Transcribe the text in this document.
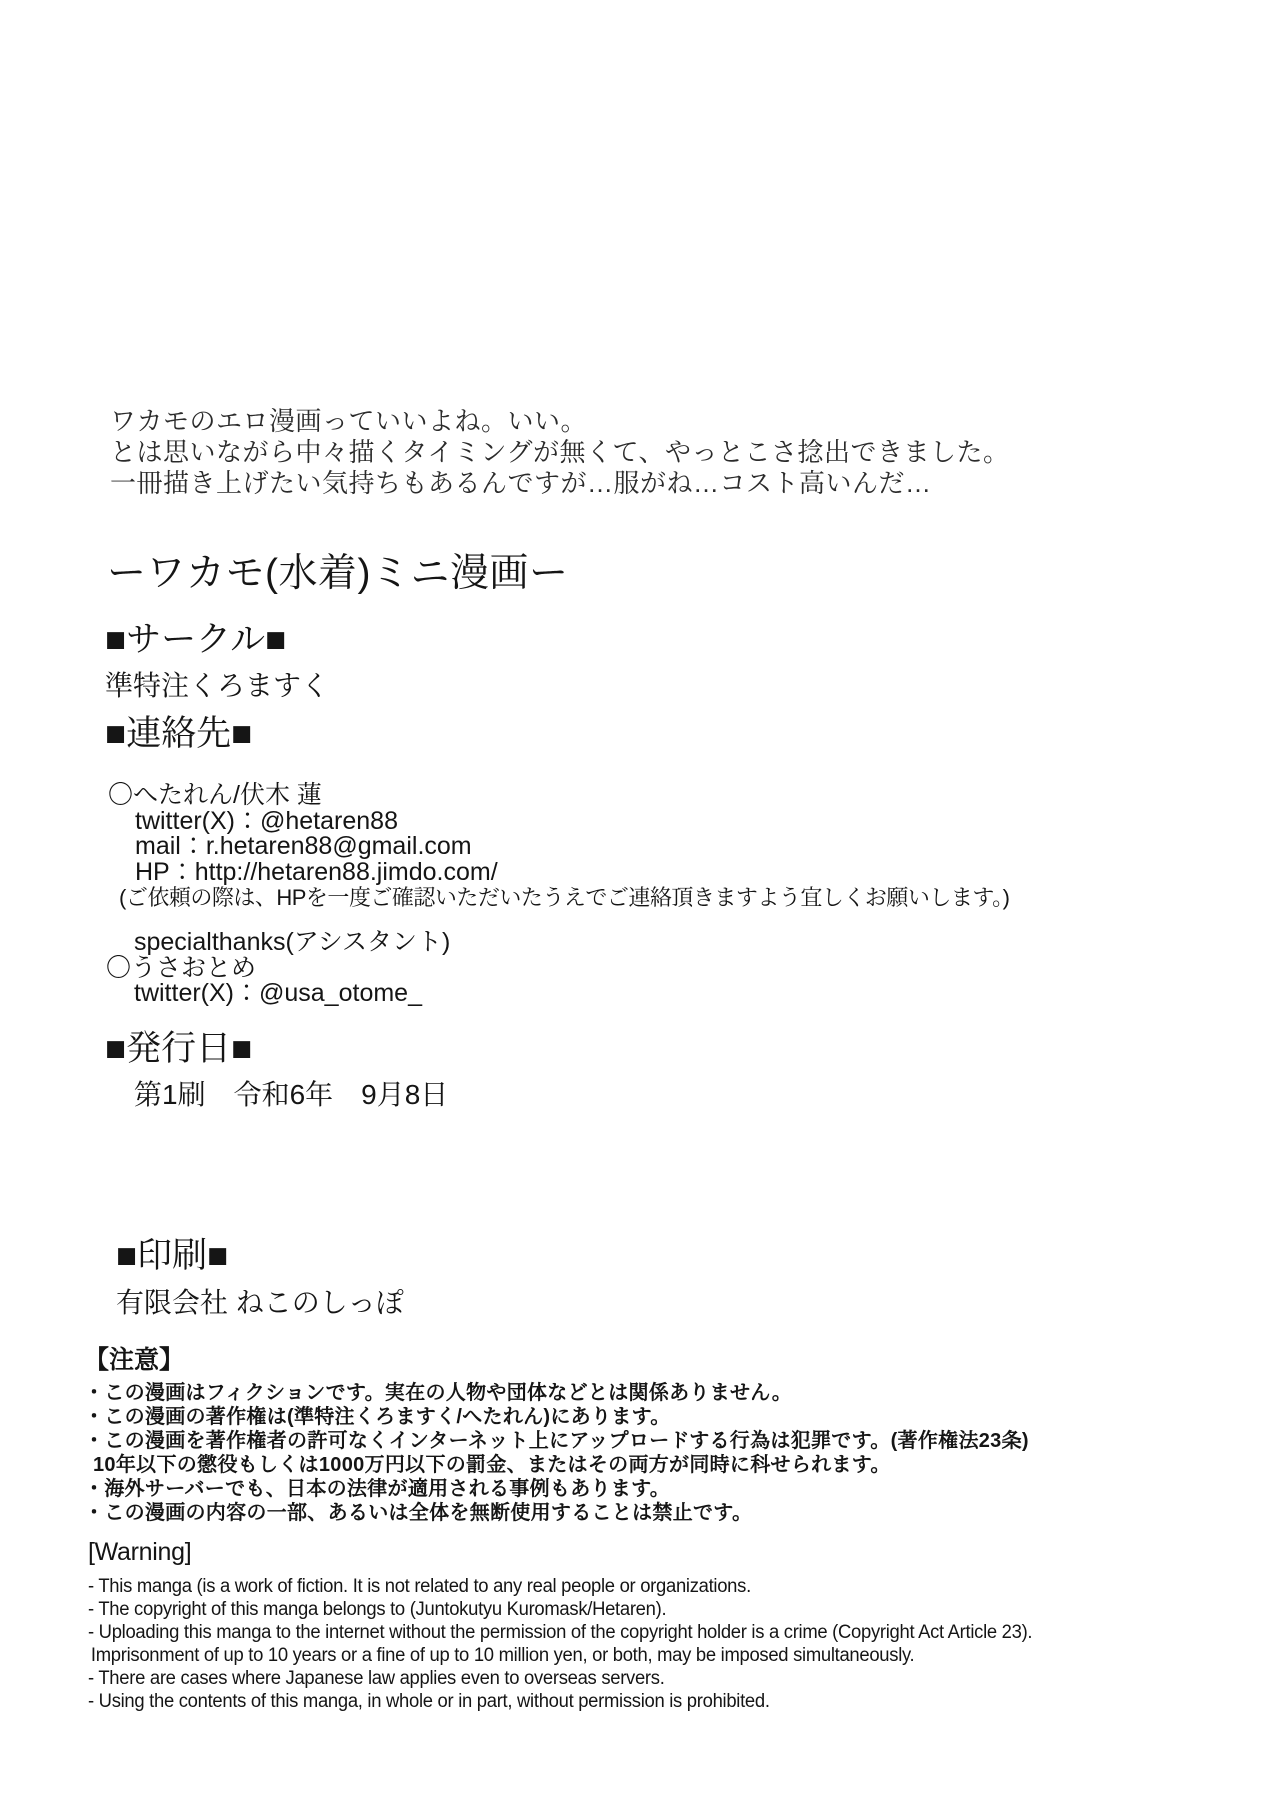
ワカモのエロ漫画っていいよね。いい。
とは思いながら中々描くタイミングが無くて、やっとこさ捻出できました。
一冊描き上げたい気持ちもあるんですが…服がね…コスト高いんだ…
ーワカモ(水着)ミニ漫画ー
■サークル■
準特注くろますく
■連絡先■
〇へたれん/伏木 蓮
twitter(X)：@hetaren88
mail：r.hetaren88@gmail.com
HP：http://hetaren88.jimdo.com/
(ご依頼の際は、HPを一度ご確認いただいたうえでご連絡頂きますよう宜しくお願いします。)
specialthanks(アシスタント)
〇うさおとめ
twitter(X)：@usa_otome_
■発行日■
第1刷　令和6年　9月8日
■印刷■
有限会社 ねこのしっぽ
【注意】
・この漫画はフィクションです。実在の人物や団体などとは関係ありません。
・この漫画の著作権は(準特注くろますく/へたれん)にあります。
・この漫画を著作権者の許可なくインターネット上にアップロードする行為は犯罪です。(著作権法23条)
10年以下の懲役もしくは1000万円以下の罰金、またはその両方が同時に科せられます。
・海外サーバーでも、日本の法律が適用される事例もあります。
・この漫画の内容の一部、あるいは全体を無断使用することは禁止です。
[Warning]
- This manga (is a work of fiction. It is not related to any real people or organizations.
- The copyright of this manga belongs to (Juntokutyu Kuromask/Hetaren).
- Uploading this manga to the internet without the permission of the copyright holder is a crime (Copyright Act Article 23).
Imprisonment of up to 10 years or a fine of up to 10 million yen, or both, may be imposed simultaneously.
- There are cases where Japanese law applies even to overseas servers.
- Using the contents of this manga, in whole or in part, without permission is prohibited.
